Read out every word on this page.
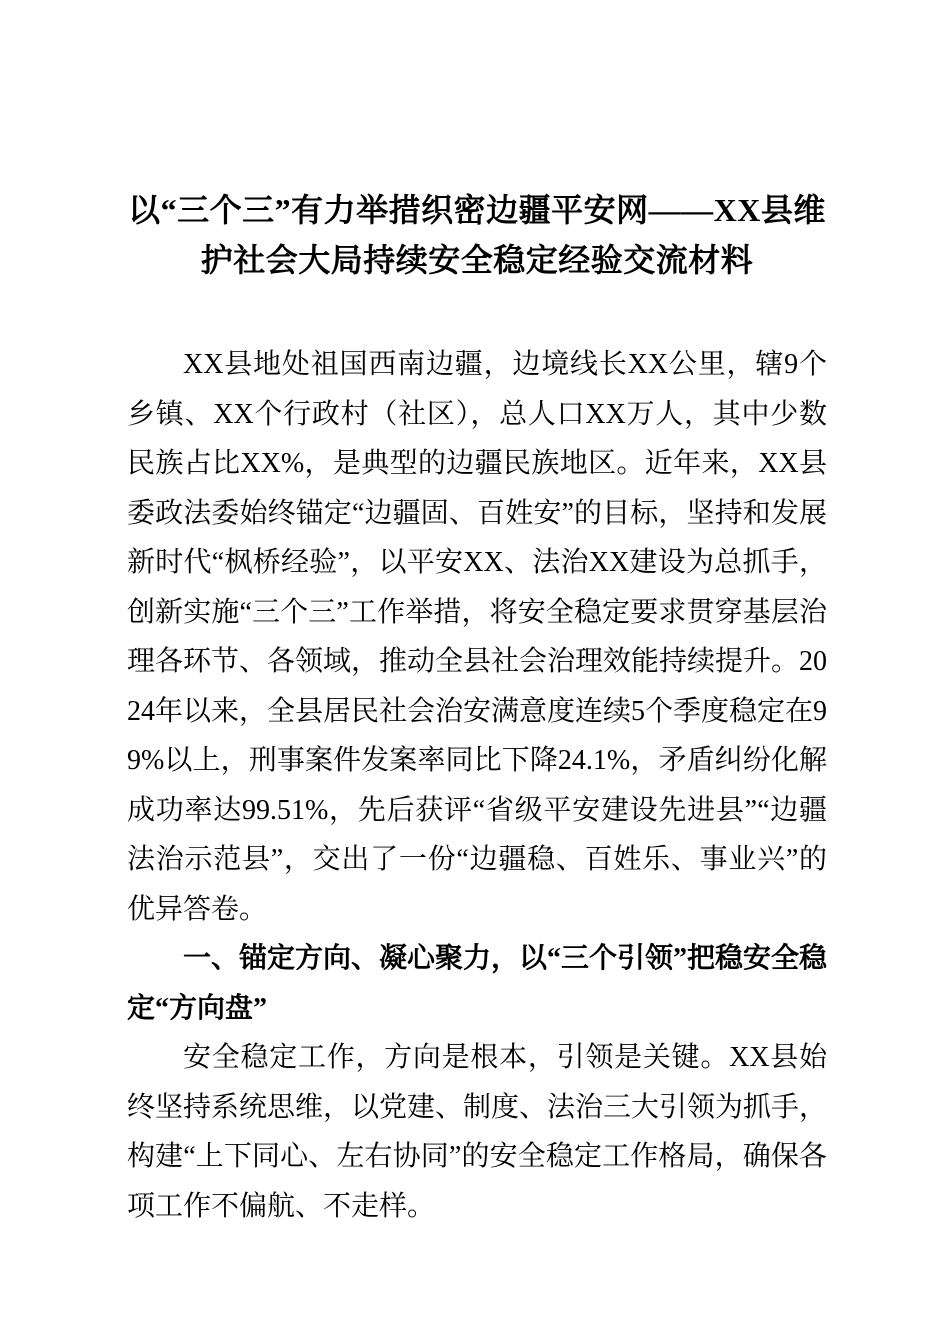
以“三个三”有力举措织密边疆平安网——XX县维护社会大局持续安全稳定经验交流材料

XX县地处祖国西南边疆，边境线长XX公里，辖9个乡镇、XX个行政村（社区），总人口XX万人，其中少数民族占比XX%，是典型的边疆民族地区。近年来，XX县委政法委始终锚定“边疆固、百姓安”的目标，坚持和发展新时代“枫桥经验”，以平安XX、法治XX建设为总抓手，创新实施“三个三”工作举措，将安全稳定要求贯穿基层治理各环节、各领域，推动全县社会治理效能持续提升。2024年以来，全县居民社会治安满意度连续5个季度稳定在99%以上，刑事案件发案率同比下降24.1%，矛盾纠纷化解成功率达99.51%，先后获评“省级平安建设先进县”“边疆法治示范县”，交出了一份“边疆稳、百姓乐、事业兴”的优异答卷。

一、锚定方向、凝心聚力，以“三个引领”把稳安全稳定“方向盘”

安全稳定工作，方向是根本，引领是关键。XX县始终坚持系统思维，以党建、制度、法治三大引领为抓手，构建“上下同心、左右协同”的安全稳定工作格局，确保各项工作不偏航、不走样。
